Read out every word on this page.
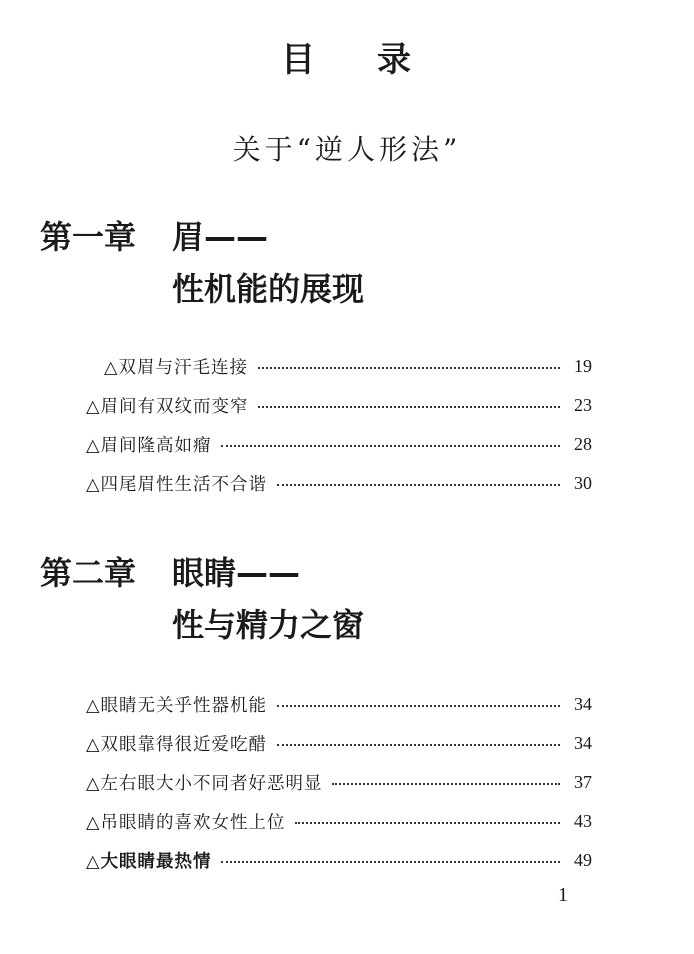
目 录
关于“逆人形法”
第一章 眉——
性机能的展现
△双眉与汗毛连接	19
△眉间有双纹而变窄	23
△眉间隆高如瘤	28
△四尾眉性生活不合谐	30
第二章 眼睛——
性与精力之窗
△眼睛无关乎性器机能	34
△双眼靠得很近爱吃醋	34
△左右眼大小不同者好恶明显	37
△吊眼睛的喜欢女性上位	43
△大眼睛最热情	49
1
